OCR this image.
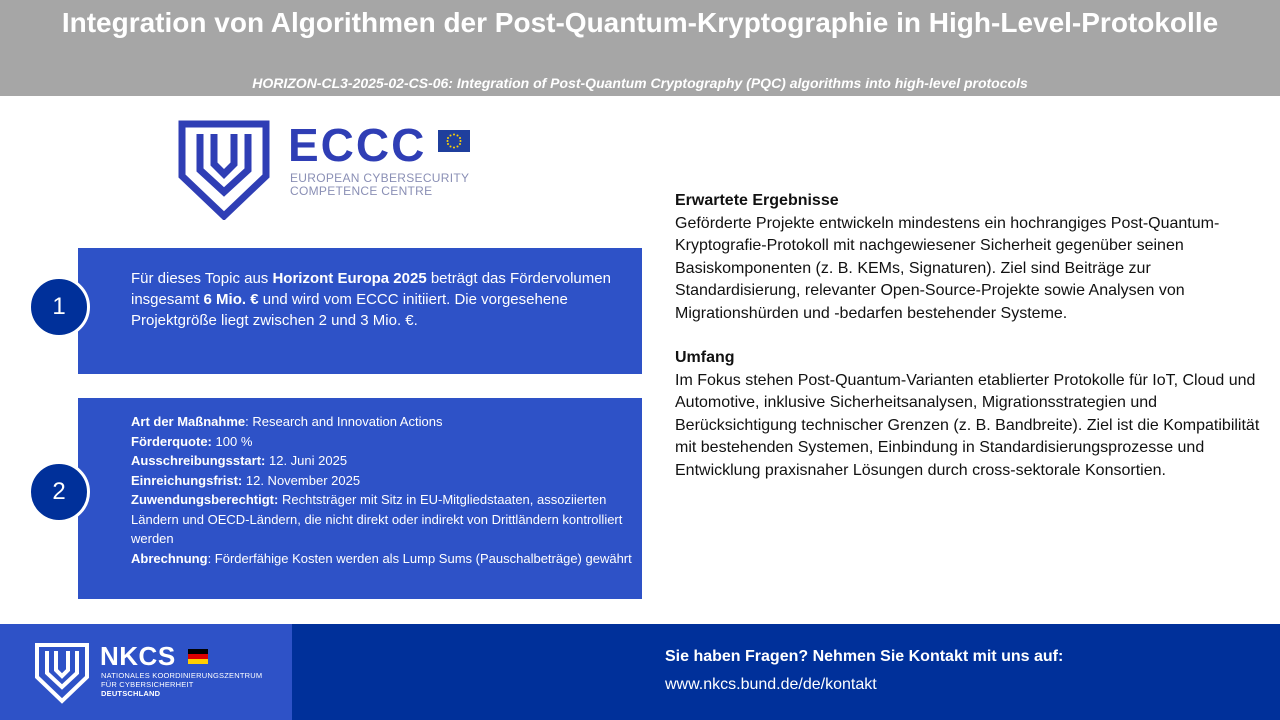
Integration von Algorithmen der Post-Quantum-Kryptographie in High-Level-Protokolle
HORIZON-CL3-2025-02-CS-06: Integration of Post-Quantum Cryptography (PQC) algorithms into high-level protocols
ECCC
EUROPEAN CYBERSECURITY
COMPETENCE CENTRE
Für dieses Topic aus Horizont Europa 2025 beträgt das Fördervolumen insgesamt 6 Mio. € und wird vom ECCC initiiert. Die vorgesehene Projektgröße liegt zwischen 2 und 3 Mio. €.
1
Art der Maßnahme: Research and Innovation Actions
Förderquote: 100 %
Ausschreibungsstart: 12. Juni 2025
Einreichungsfrist: 12. November 2025
Zuwendungsberechtigt: Rechtsträger mit Sitz in EU-Mitgliedstaaten, assoziierten Ländern und OECD-Ländern, die nicht direkt oder indirekt von Drittländern kontrolliert werden
Abrechnung: Förderfähige Kosten werden als Lump Sums (Pauschalbeträge) gewährt
2
Erwartete Ergebnisse
Geförderte Projekte entwickeln mindestens ein hochrangiges Post-Quantum-Kryptografie-Protokoll mit nachgewiesener Sicherheit gegenüber seinen Basiskomponenten (z. B. KEMs, Signaturen). Ziel sind Beiträge zur Standardisierung, relevanter Open-Source-Projekte sowie Analysen von Migrationshürden und -bedarfen bestehender Systeme.
Umfang
Im Fokus stehen Post-Quantum-Varianten etablierter Protokolle für IoT, Cloud und Automotive, inklusive Sicherheitsanalysen, Migrationsstrategien und Berücksichtigung technischer Grenzen (z. B. Bandbreite). Ziel ist die Kompatibilität mit bestehenden Systemen, Einbindung in Standardisierungsprozesse und Entwicklung praxisnaher Lösungen durch cross-sektorale Konsortien.
NKCS
NATIONALES KOORDINIERUNGSZENTRUM
FÜR CYBERSICHERHEIT
DEUTSCHLAND
Sie haben Fragen? Nehmen Sie Kontakt mit uns auf:
www.nkcs.bund.de/de/kontakt
